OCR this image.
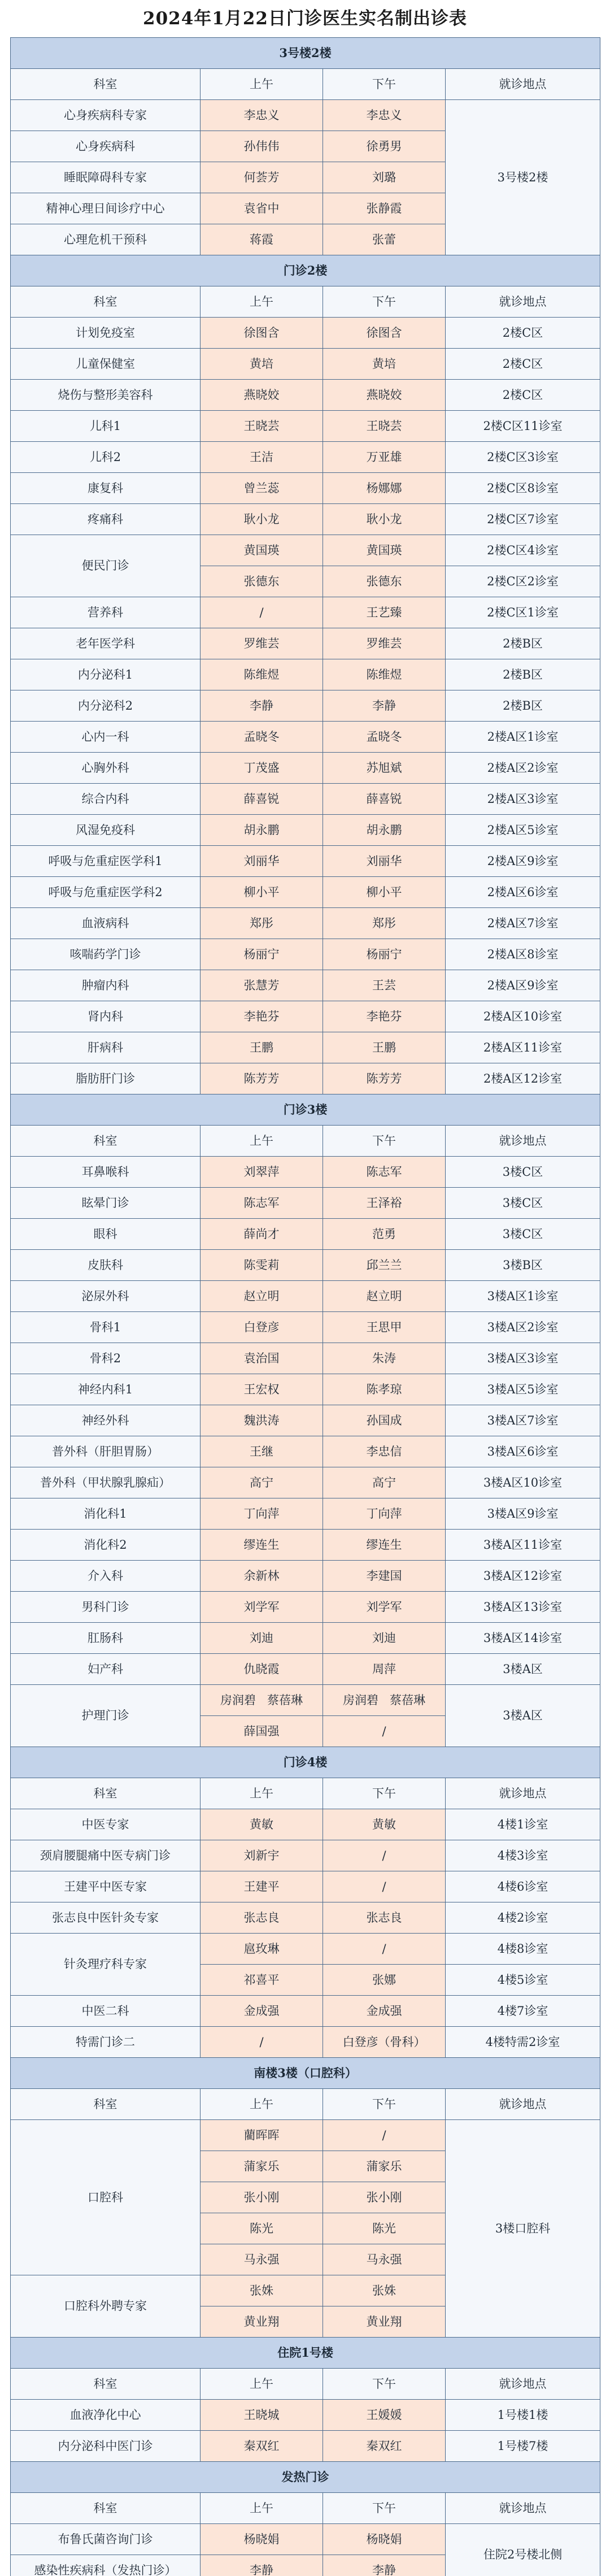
2024年1月22日门诊医生实名制出诊表
3号楼2楼			
科室	上午	下午	就诊地点
心身疾病科专家	李忠义	李忠义	3号楼2楼
心身疾病科	孙伟伟	徐勇男	
睡眠障碍科专家	何荟芳	刘璐	
精神心理日间诊疗中心	袁省中	张静霞	
心理危机干预科	蒋霞	张蕾	
门诊2楼			
科室	上午	下午	就诊地点
计划免疫室	徐图含	徐图含	2楼C区
儿童保健室	黄培	黄培	2楼C区
烧伤与整形美容科	燕晓姣	燕晓姣	2楼C区
儿科1	王晓芸	王晓芸	2楼C区11诊室
儿科2	王洁	万亚雄	2楼C区3诊室
康复科	曾兰蕊	杨娜娜	2楼C区8诊室
疼痛科	耿小龙	耿小龙	2楼C区7诊室
便民门诊	黄国瑛	黄国瑛	2楼C区4诊室
	张德东	张德东	2楼C区2诊室
营养科	/	王艺臻	2楼C区1诊室
老年医学科	罗维芸	罗维芸	2楼B区
内分泌科1	陈维煜	陈维煜	2楼B区
内分泌科2	李静	李静	2楼B区
心内一科	孟晓冬	孟晓冬	2楼A区1诊室
心胸外科	丁茂盛	苏旭斌	2楼A区2诊室
综合内科	薛喜锐	薛喜锐	2楼A区3诊室
风湿免疫科	胡永鹏	胡永鹏	2楼A区5诊室
呼吸与危重症医学科1	刘丽华	刘丽华	2楼A区9诊室
呼吸与危重症医学科2	柳小平	柳小平	2楼A区6诊室
血液病科	郑彤	郑彤	2楼A区7诊室
咳喘药学门诊	杨丽宁	杨丽宁	2楼A区8诊室
肿瘤内科	张慧芳	王芸	2楼A区9诊室
肾内科	李艳芬	李艳芬	2楼A区10诊室
肝病科	王鹏	王鹏	2楼A区11诊室
脂肪肝门诊	陈芳芳	陈芳芳	2楼A区12诊室
门诊3楼			
科室	上午	下午	就诊地点
耳鼻喉科	刘翠萍	陈志军	3楼C区
眩晕门诊	陈志军	王泽裕	3楼C区
眼科	薛尚才	范勇	3楼C区
皮肤科	陈雯莉	邱兰兰	3楼B区
泌尿外科	赵立明	赵立明	3楼A区1诊室
骨科1	白登彦	王思甲	3楼A区2诊室
骨科2	袁治国	朱涛	3楼A区3诊室
神经内科1	王宏权	陈孝琼	3楼A区5诊室
神经外科	魏洪涛	孙国成	3楼A区7诊室
普外科（肝胆胃肠）	王继	李忠信	3楼A区6诊室
普外科（甲状腺乳腺疝）	高宁	高宁	3楼A区10诊室
消化科1	丁向萍	丁向萍	3楼A区9诊室
消化科2	缪连生	缪连生	3楼A区11诊室
介入科	余新林	李建国	3楼A区12诊室
男科门诊	刘学军	刘学军	3楼A区13诊室
肛肠科	刘迪	刘迪	3楼A区14诊室
妇产科	仇晓霞	周萍	3楼A区
护理门诊	房润碧 蔡蓓琳	房润碧 蔡蓓琳	3楼A区
	薛国强	/	
门诊4楼			
科室	上午	下午	就诊地点
中医专家	黄敏	黄敏	4楼1诊室
颈肩腰腿痛中医专病门诊	刘新宇	/	4楼3诊室
王建平中医专家	王建平	/	4楼6诊室
张志良中医针灸专家	张志良	张志良	4楼2诊室
针灸理疗科专家	扈玫琳	/	4楼8诊室
	祁喜平	张娜	4楼5诊室
中医二科	金成强	金成强	4楼7诊室
特需门诊二	/	白登彦（骨科）	4楼特需2诊室
南楼3楼（口腔科）			
科室	上午	下午	就诊地点
口腔科	藺晖晖	/	3楼口腔科
	蒲家乐	蒲家乐	
	张小刚	张小刚	
	陈光	陈光	
	马永强	马永强	
口腔科外聘专家	张姝	张姝	
	黄业翔	黄业翔	
住院1号楼			
科室	上午	下午	就诊地点
血液净化中心	王晓城	王媛媛	1号楼1楼
内分泌科中医门诊	秦双红	秦双红	1号楼7楼
发热门诊			
科室	上午	下午	就诊地点
布鲁氏菌咨询门诊	杨晓娟	杨晓娟	住院2号楼北侧
感染性疾病科（发热门诊）	李静	李静	
